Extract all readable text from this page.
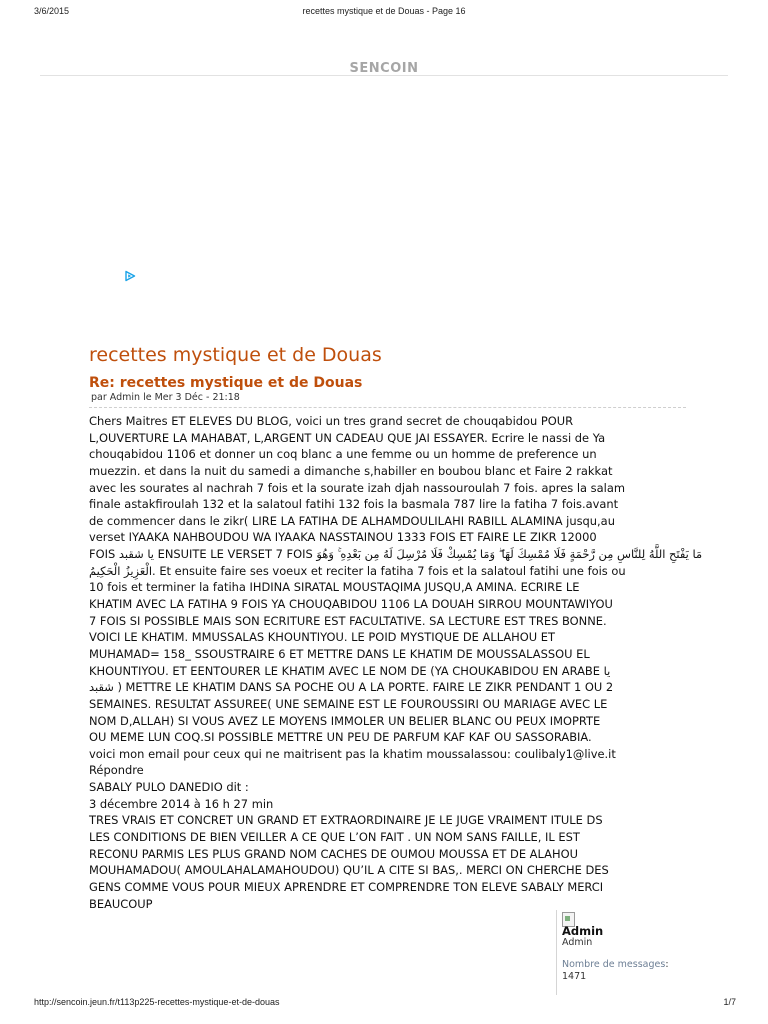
3/6/2015	recettes mystique et de Douas - Page 16
SENCOIN
recettes mystique et de Douas
Re: recettes mystique et de Douas
par Admin le Mer 3 Déc - 21:18
Chers Maitres ET ELEVES DU BLOG, voici un tres grand secret de chouqabidou POUR
L,OUVERTURE LA MAHABAT, L,ARGENT UN CADEAU QUE JAI ESSAYER. Ecrire le nassi de Ya
chouqabidou 1106 et donner un coq blanc a une femme ou un homme de preference un
muezzin. et dans la nuit du samedi a dimanche s,habiller en boubou blanc et Faire 2 rakkat
avec les sourates al nachrah 7 fois et la sourate izah djah nassouroulah 7 fois. apres la salam
finale astakfiroulah 132 et la salatoul fatihi 132 fois la basmala 787 lire la fatiha 7 fois.avant
de commencer dans le zikr( LIRE LA FATIHA DE ALHAMDOULILAHI RABILL ALAMINA jusqu,au
verset IYAAKA NAHBOUDOU WA IYAAKA NASSTAINOU 1333 FOIS ET FAIRE LE ZIKR 12000
FOIS يا شقبد ENSUITE LE VERSET 7 FOIS مَا يَفْتَحِ اللَّهُ لِلنَّاسِ مِن رَّحْمَةٍ فَلَا مُمْسِكَ لَهَا ۖ وَمَا يُمْسِكْ فَلَا مُرْسِلَ لَهُ مِن بَعْدِهِ ۚ وَهُوَ
الْعَزِيزُ الْحَكِيمُ. Et ensuite faire ses voeux et reciter la fatiha 7 fois et la salatoul fatihi une fois ou
10 fois et terminer la fatiha IHDINA SIRATAL MOUSTAQIMA JUSQU,A AMINA. ECRIRE LE
KHATIM AVEC LA FATIHA 9 FOIS YA CHOUQABIDOU 1106 LA DOUAH SIRROU MOUNTAWIYOU
7 FOIS SI POSSIBLE MAIS SON ECRITURE EST FACULTATIVE. SA LECTURE EST TRES BONNE.
VOICI LE KHATIM. MMUSSALAS KHOUNTIYOU. LE POID MYSTIQUE DE ALLAHOU ET
MUHAMAD= 158_ SSOUSTRAIRE 6 ET METTRE DANS LE KHATIM DE MOUSSALASSOU EL
KHOUNTIYOU. ET EENTOURER LE KHATIM AVEC LE NOM DE (YA CHOUKABIDOU EN ARABE يا
شقبد ) METTRE LE KHATIM DANS SA POCHE OU A LA PORTE. FAIRE LE ZIKR PENDANT 1 OU 2
SEMAINES. RESULTAT ASSUREE( UNE SEMAINE EST LE FOUROUSSIRI OU MARIAGE AVEC LE
NOM D,ALLAH) SI VOUS AVEZ LE MOYENS IMMOLER UN BELIER BLANC OU PEUX IMOPRTE
OU MEME LUN COQ.SI POSSIBLE METTRE UN PEU DE PARFUM KAF KAF OU SASSORABIA.
voici mon email pour ceux qui ne maitrisent pas la khatim moussalassou: coulibaly1@live.it
Répondre
SABALY PULO DANEDIO dit :
3 décembre 2014 à 16 h 27 min
TRES VRAIS ET CONCRET UN GRAND ET EXTRAORDINAIRE JE LE JUGE VRAIMENT ITULE DS
LES CONDITIONS DE BIEN VEILLER A CE QUE L’ON FAIT . UN NOM SANS FAILLE, IL EST
RECONU PARMIS LES PLUS GRAND NOM CACHES DE OUMOU MOUSSA ET DE ALAHOU
MOUHAMADOU( AMOULAHALAMAHOUDOU) QU’IL A CITE SI BAS,. MERCI ON CHERCHE DES
GENS COMME VOUS POUR MIEUX APRENDRE ET COMPRENDRE TON ELEVE SABALY MERCI
BEAUCOUP
Admin
Admin
Nombre de messages:
1471
http://sencoin.jeun.fr/t113p225-recettes-mystique-et-de-douas	1/7
